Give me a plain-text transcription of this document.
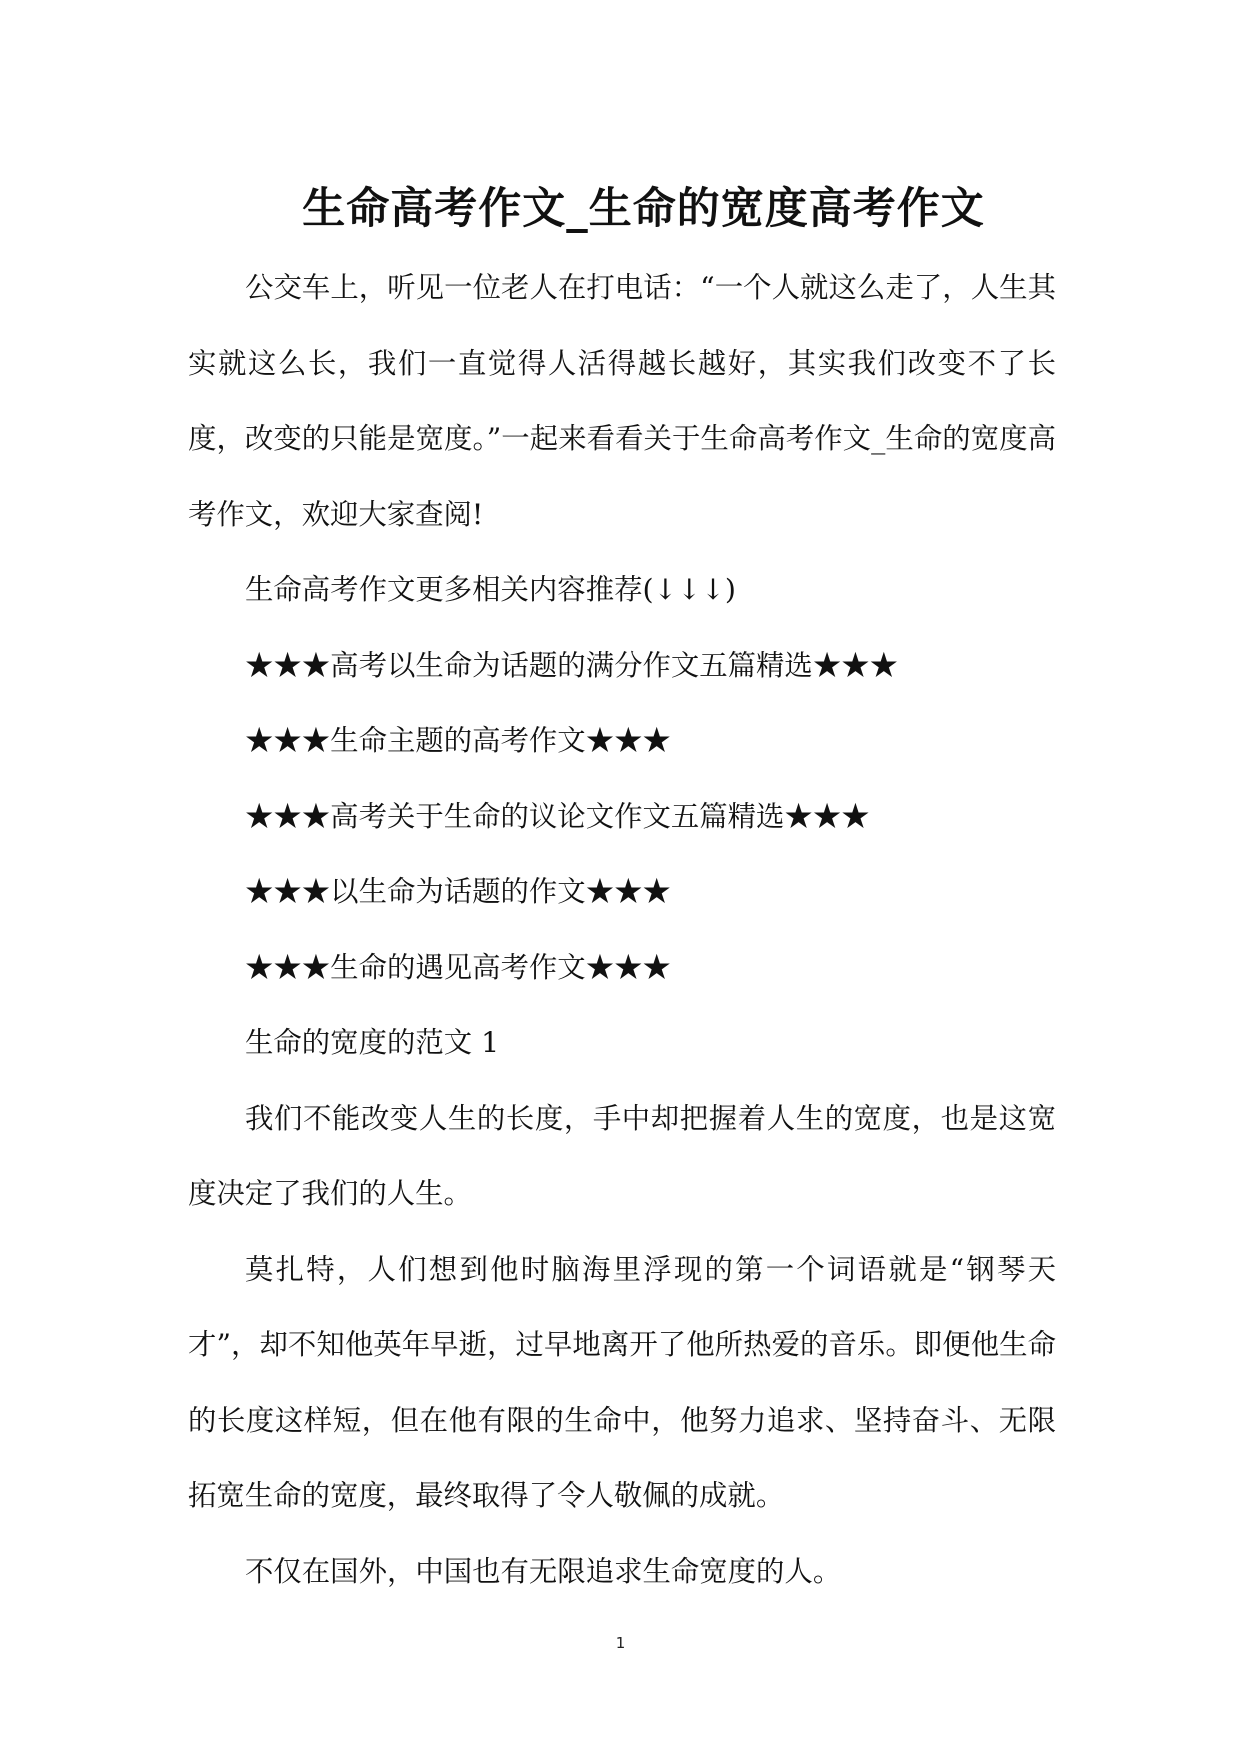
生命高考作文_生命的宽度高考作文

公交车上，听见一位老人在打电话：“一个人就这么走了，人生其实就这么长，我们一直觉得人活得越长越好，其实我们改变不了长度，改变的只能是宽度。”一起来看看关于生命高考作文_生命的宽度高考作文，欢迎大家查阅!

生命高考作文更多相关内容推荐(↓↓↓)

★★★高考以生命为话题的满分作文五篇精选★★★

★★★生命主题的高考作文★★★

★★★高考关于生命的议论文作文五篇精选★★★

★★★以生命为话题的作文★★★

★★★生命的遇见高考作文★★★

生命的宽度的范文 1

我们不能改变人生的长度，手中却把握着人生的宽度，也是这宽度决定了我们的人生。

莫扎特，人们想到他时脑海里浮现的第一个词语就是“钢琴天才”，却不知他英年早逝，过早地离开了他所热爱的音乐。即便他生命的长度这样短，但在他有限的生命中，他努力追求、坚持奋斗、无限拓宽生命的宽度，最终取得了令人敬佩的成就。

不仅在国外，中国也有无限追求生命宽度的人。

1
